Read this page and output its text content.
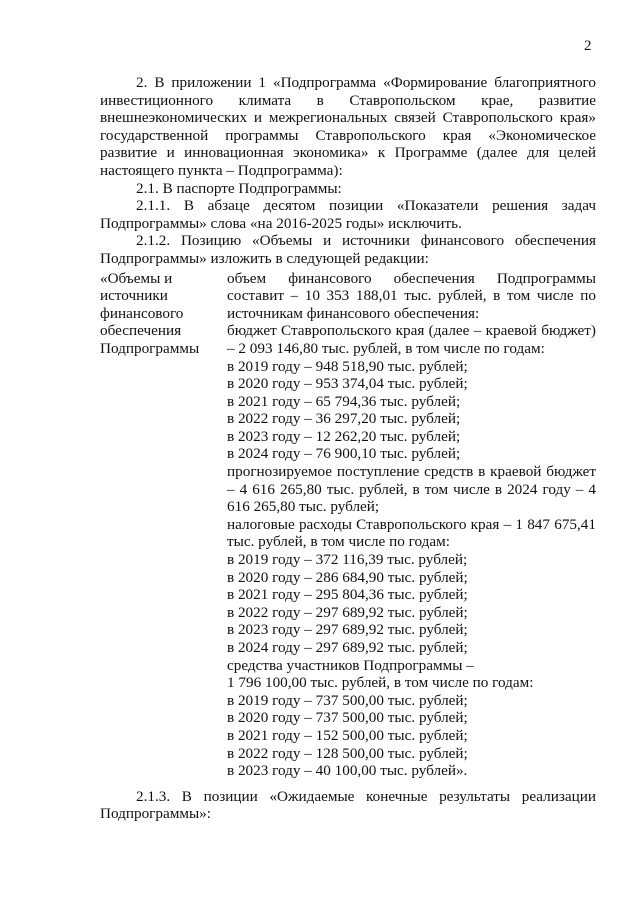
2

2. В приложении 1 «Подпрограмма «Формирование благоприятного инвестиционного климата в Ставропольском крае, развитие внешнеэкономических и межрегиональных связей Ставропольского края» государственной программы Ставропольского края «Экономическое развитие и инновационная экономика» к Программе (далее для целей настоящего пункта – Подпрограмма):

2.1. В паспорте Подпрограммы:

2.1.1. В абзаце десятом позиции «Показатели решения задач Подпрограммы» слова «на 2016-2025 годы» исключить.

2.1.2. Позицию «Объемы и источники финансового обеспечения Подпрограммы» изложить в следующей редакции:

«Объемы и
источники
финансового
обеспечения
Подпрограммы

объем финансового обеспечения Подпрограммы составит – 10 353 188,01 тыс. рублей, в том числе по источникам финансового обеспечения:

бюджет Ставропольского края (далее – краевой бюджет) – 2 093 146,80 тыс. рублей, в том числе по годам:

в 2019 году – 948 518,90 тыс. рублей;

в 2020 году – 953 374,04 тыс. рублей;

в 2021 году – 65 794,36 тыс. рублей;

в 2022 году – 36 297,20 тыс. рублей;

в 2023 году – 12 262,20 тыс. рублей;

в 2024 году – 76 900,10 тыс. рублей;

прогнозируемое поступление средств в краевой бюджет – 4 616 265,80 тыс. рублей, в том числе в 2024 году – 4 616 265,80 тыс. рублей;

налоговые расходы Ставропольского края – 1 847 675,41 тыс. рублей, в том числе по годам:

в 2019 году – 372 116,39 тыс. рублей;

в 2020 году – 286 684,90 тыс. рублей;

в 2021 году – 295 804,36 тыс. рублей;

в 2022 году – 297 689,92 тыс. рублей;

в 2023 году – 297 689,92 тыс. рублей;

в 2024 году – 297 689,92 тыс. рублей;

средства участников Подпрограммы –

1 796 100,00 тыс. рублей, в том числе по годам:

в 2019 году – 737 500,00 тыс. рублей;

в 2020 году – 737 500,00 тыс. рублей;

в 2021 году – 152 500,00 тыс. рублей;

в 2022 году – 128 500,00 тыс. рублей;

в 2023 году – 40 100,00 тыс. рублей».

2.1.3. В позиции «Ожидаемые конечные результаты реализации Подпрограммы»:
